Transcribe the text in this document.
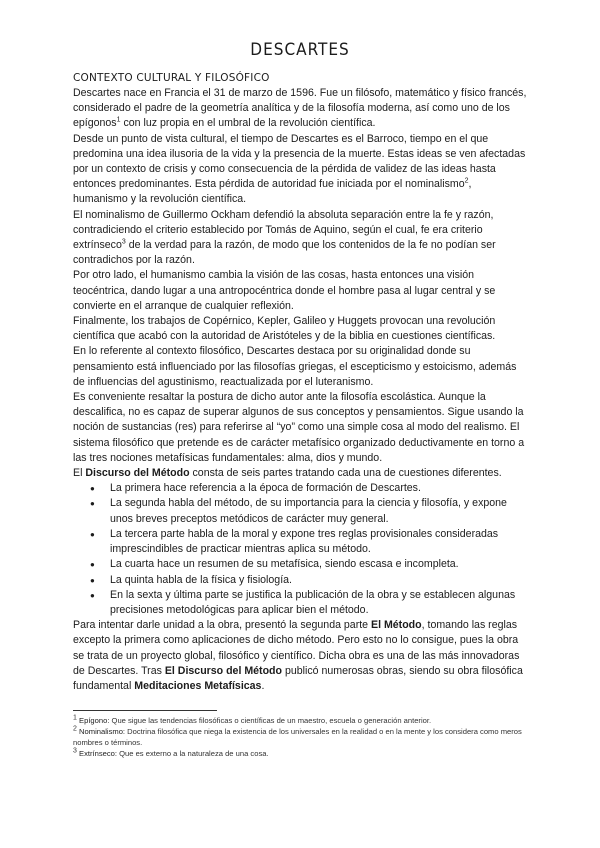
DESCARTES
CONTEXTO CULTURAL Y FILOSÓFICO

Descartes nace en Francia el 31 de marzo de 1596. Fue un filósofo, matemático y físico francés, considerado el padre de la geometría analítica y de la filosofía moderna, así como uno de los epígonos$^1$ con luz propia en el umbral de la revolución científica.

Desde un punto de vista cultural, el tiempo de Descartes es el Barroco, tiempo en el que predomina una idea ilusoria de la vida y la presencia de la muerte. Estas ideas se ven afectadas por un contexto de crisis y como consecuencia de la pérdida de validez de las ideas hasta entonces predominantes. Esta pérdida de autoridad fue iniciada por el nominalismo$^2$, humanismo y la revolución científica.

El nominalismo de Guillermo Ockham defendió la absoluta separación entre la fe y razón, contradiciendo el criterio establecido por Tomás de Aquino, según el cual, fe era criterio extrínseco$^3$ de la verdad para la razón, de modo que los contenidos de la fe no podían ser contradichos por la razón.

Por otro lado, el humanismo cambia la visión de las cosas, hasta entonces una visión teocéntrica, dando lugar a una antropocéntrica donde el hombre pasa al lugar central y se convierte en el arranque de cualquier reflexión.

Finalmente, los trabajos de Copérnico, Kepler, Galileo y Huggets provocan una revolución científica que acabó con la autoridad de Aristóteles y de la biblia en cuestiones científicas.

En lo referente al contexto filosófico, Descartes destaca por su originalidad donde su pensamiento está influenciado por las filosofías griegas, el escepticismo y estoicismo, además de influencias del agustinismo, reactualizada por el luteranismo.

Es conveniente resaltar la postura de dicho autor ante la filosofía escolástica. Aunque la descalifica, no es capaz de superar algunos de sus conceptos y pensamientos. Sigue usando la noción de sustancias (res) para referirse al “yo” como una simple cosa al modo del realismo. El sistema filosófico que pretende es de carácter metafísico organizado deductivamente en torno a las tres nociones metafísicas fundamentales: alma, dios y mundo.

El Discurso del Método consta de seis partes tratando cada una de cuestiones diferentes.

● La primera hace referencia a la época de formación de Descartes.
● La segunda habla del método, de su importancia para la ciencia y filosofía, y expone unos breves preceptos metódicos de carácter muy general.
● La tercera parte habla de la moral y expone tres reglas provisionales consideradas imprescindibles de practicar mientras aplica su método.
● La cuarta hace un resumen de su metafísica, siendo escasa e incompleta.
● La quinta habla de la física y fisiología.
● En la sexta y última parte se justifica la publicación de la obra y se establecen algunas precisiones metodológicas para aplicar bien el método.

Para intentar darle unidad a la obra, presentó la segunda parte El Método, tomando las reglas excepto la primera como aplicaciones de dicho método. Pero esto no lo consigue, pues la obra se trata de un proyecto global, filosófico y científico. Dicha obra es una de las más innovadoras de Descartes. Tras El Discurso del Método publicó numerosas obras, siendo su obra filosófica fundamental Meditaciones Metafísicas.

$^1$ Epígono: Que sigue las tendencias filosóficas o científicas de un maestro, escuela o generación anterior.

$^2$ Nominalismo: Doctrina filosófica que niega la existencia de los universales en la realidad o en la mente y los considera como meros nombres o términos.

$^3$ Extrínseco: Que es externo a la naturaleza de una cosa.
